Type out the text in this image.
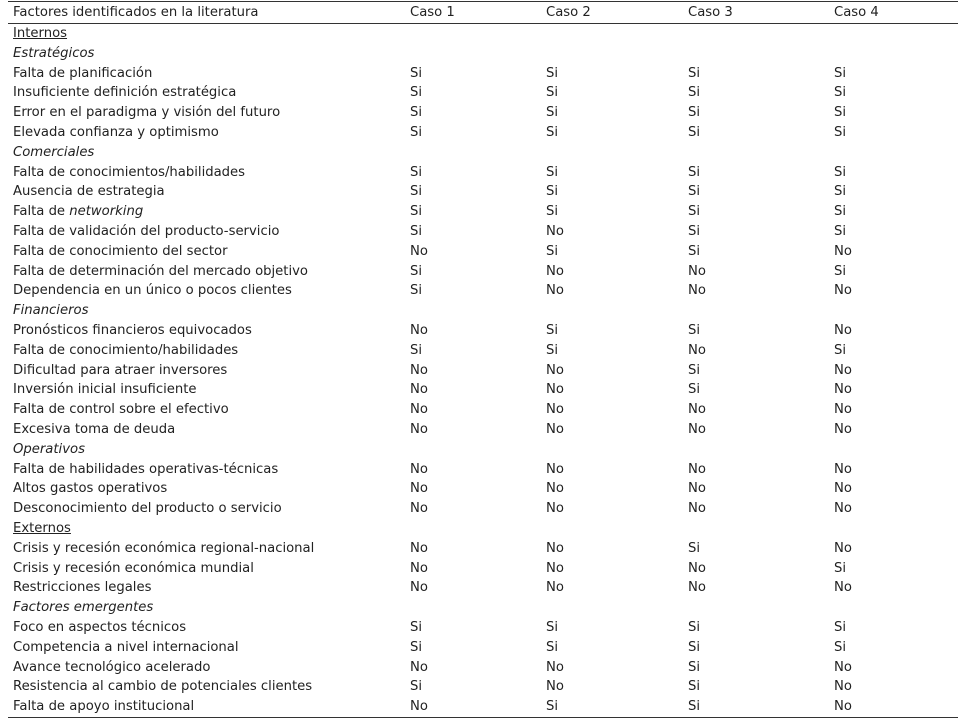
Factores identificados en la literatura	Caso 1	Caso 2	Caso 3	Caso 4
Internos				
Estratégicos				
Falta de planificación	Si	Si	Si	Si
Insuficiente definición estratégica	Si	Si	Si	Si
Error en el paradigma y visión del futuro	Si	Si	Si	Si
Elevada confianza y optimismo	Si	Si	Si	Si
Comerciales				
Falta de conocimientos/habilidades	Si	Si	Si	Si
Ausencia de estrategia	Si	Si	Si	Si
Falta de networking	Si	Si	Si	Si
Falta de validación del producto-servicio	Si	No	Si	Si
Falta de conocimiento del sector	No	Si	Si	No
Falta de determinación del mercado objetivo	Si	No	No	Si
Dependencia en un único o pocos clientes	Si	No	No	No
Financieros				
Pronósticos financieros equivocados	No	Si	Si	No
Falta de conocimiento/habilidades	Si	Si	No	Si
Dificultad para atraer inversores	No	No	Si	No
Inversión inicial insuficiente	No	No	Si	No
Falta de control sobre el efectivo	No	No	No	No
Excesiva toma de deuda	No	No	No	No
Operativos				
Falta de habilidades operativas-técnicas	No	No	No	No
Altos gastos operativos	No	No	No	No
Desconocimiento del producto o servicio	No	No	No	No
Externos				
Crisis y recesión económica regional-nacional	No	No	Si	No
Crisis y recesión económica mundial	No	No	No	Si
Restricciones legales	No	No	No	No
Factores emergentes				
Foco en aspectos técnicos	Si	Si	Si	Si
Competencia a nivel internacional	Si	Si	Si	Si
Avance tecnológico acelerado	No	No	Si	No
Resistencia al cambio de potenciales clientes	Si	No	Si	No
Falta de apoyo institucional	No	Si	Si	No
